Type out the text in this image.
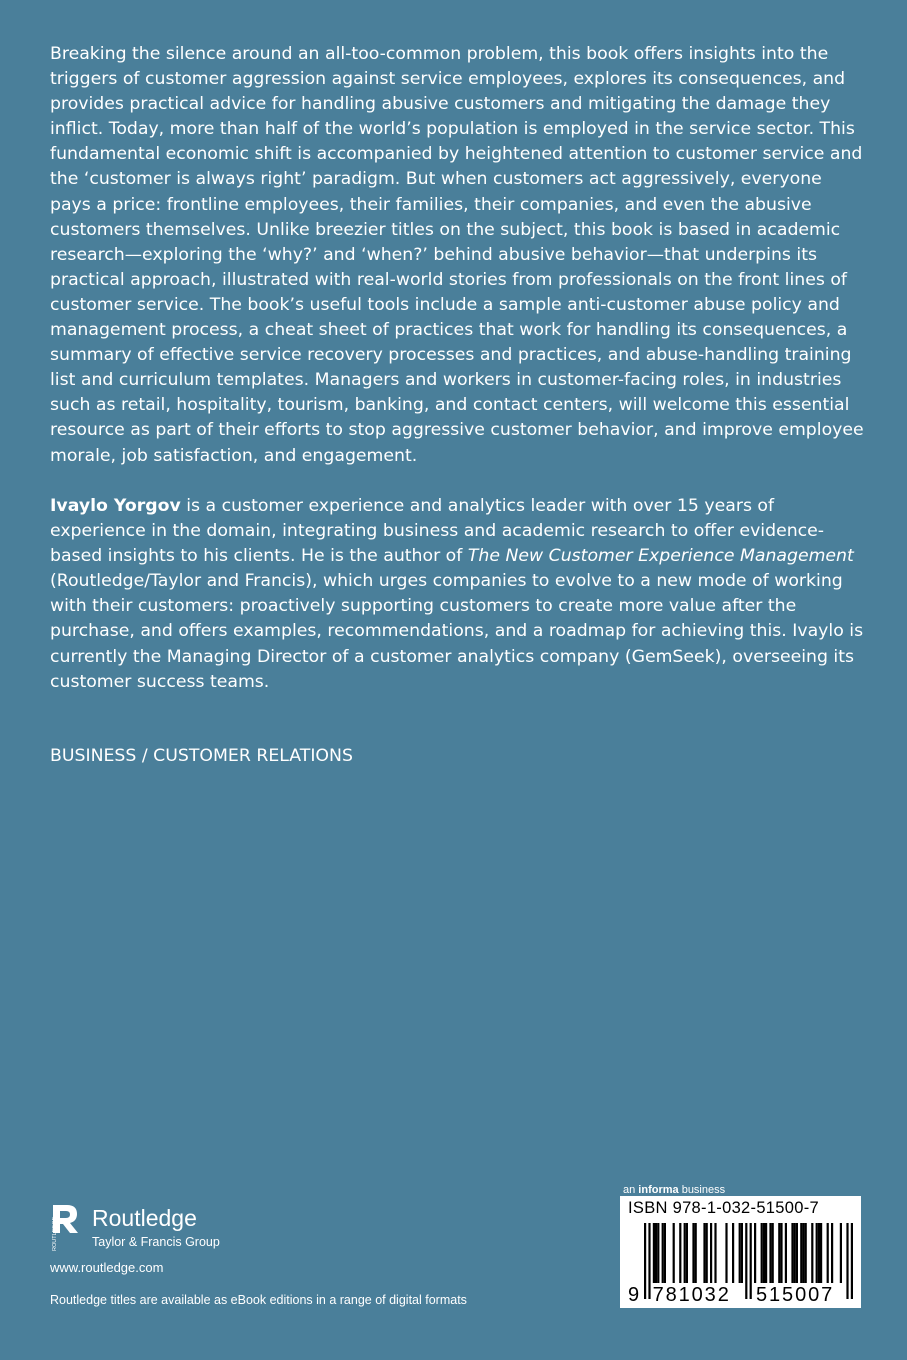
Breaking the silence around an all-too-common problem, this book offers insights into the triggers of customer aggression against service employees, explores its consequences, and provides practical advice for handling abusive customers and mitigating the damage they inflict. Today, more than half of the world’s population is employed in the service sector. This fundamental economic shift is accompanied by heightened attention to customer service and the ‘customer is always right’ paradigm. But when customers act aggressively, everyone pays a price: frontline employees, their families, their companies, and even the abusive customers themselves. Unlike breezier titles on the subject, this book is based in academic research—exploring the ‘why?’ and ‘when?’ behind abusive behavior—that underpins its practical approach, illustrated with real-world stories from professionals on the front lines of customer service. The book’s useful tools include a sample anti-customer abuse policy and management process, a cheat sheet of practices that work for handling its consequences, a summary of effective service recovery processes and practices, and abuse-handling training list and curriculum templates. Managers and workers in customer-facing roles, in industries such as retail, hospitality, tourism, banking, and contact centers, will welcome this essential resource as part of their efforts to stop aggressive customer behavior, and improve employee morale, job satisfaction, and engagement.

Ivaylo Yorgov is a customer experience and analytics leader with over 15 years of experience in the domain, integrating business and academic research to offer evidence-based insights to his clients. He is the author of The New Customer Experience Management (Routledge/Taylor and Francis), which urges companies to evolve to a new mode of working with their customers: proactively supporting customers to create more value after the purchase, and offers examples, recommendations, and a roadmap for achieving this. Ivaylo is currently the Managing Director of a customer analytics company (GemSeek), overseeing its customer success teams.

BUSINESS / CUSTOMER RELATIONS
ROUTLEDGE Routledge
Taylor & Francis Group
www.routledge.com
Routledge titles are available as eBook editions in a range of digital formats
an informa business
ISBN 978-1-032-51500-7
9 781032 515007
